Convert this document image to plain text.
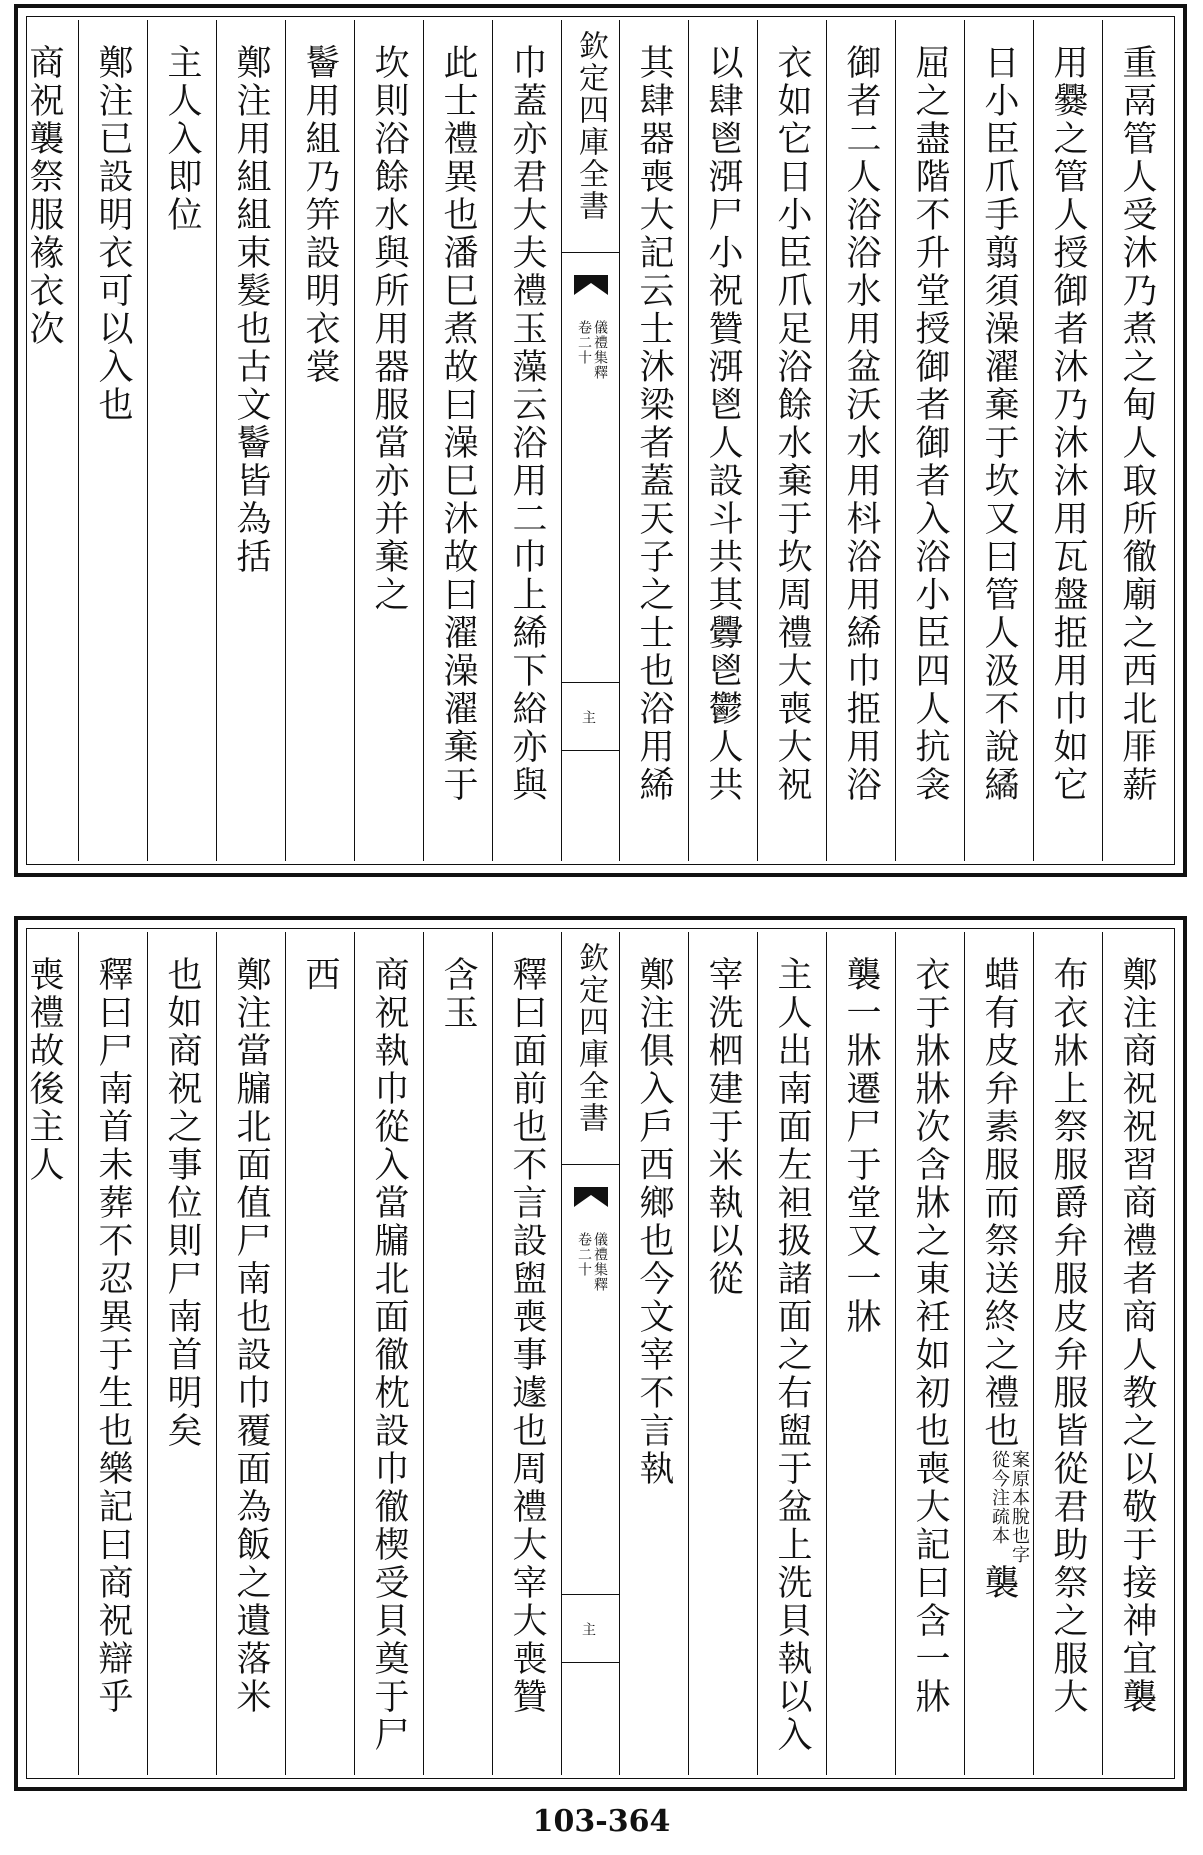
重鬲管人受沐乃煮之甸人取所徹廟之西北厞薪
用爨之管人授御者沐乃沐沐用瓦盤挋用巾如它
日小臣爪手翦須澡濯棄于坎又曰管人汲不說繘
屈之盡階不升堂授御者御者入浴小臣四人抗衾
御者二人浴浴水用盆沃水用枓浴用絺巾挋用浴
衣如它日小臣爪足浴餘水棄于坎周禮大喪大祝
以肆鬯渳尸小祝贊渳鬯人設斗共其釁鬯鬱人共
其肆器喪大記云士沐梁者蓋天子之士也浴用絺
欽定四庫全書
儀禮集釋
卷二十
主
巾蓋亦君大夫禮玉藻云浴用二巾上絺下綌亦與
此士禮異也潘巳煮故曰澡巳沐故曰濯澡濯棄于
坎則浴餘水與所用器服當亦并棄之
鬠用組乃笄設明衣裳
鄭注用組組束髮也古文鬠皆為括
主人入即位
鄭注已設明衣可以入也
商祝襲祭服褖衣次
鄭注商祝祝習商禮者商人教之以敬于接神宜襲
布衣牀上祭服爵弁服皮弁服皆從君助祭之服大
蜡有皮弁素服而祭送終之禮也
案原本脫也字
從今注疏本
襲
衣于牀牀次含牀之東衽如初也喪大記曰含一牀
襲一牀遷尸于堂又一牀
主人出南面左袒扱諸面之右盥于盆上洗貝執以入
宰洗柶建于米執以從
鄭注俱入戶西鄉也今文宰不言執
欽定四庫全書
儀禮集釋
卷二十
主
釋曰面前也不言設盥喪事遽也周禮大宰大喪贊
含玉
商祝執巾從入當牖北面徹枕設巾徹楔受貝奠于尸
西
鄭注當牖北面值尸南也設巾覆面為飯之遺落米
也如商祝之事位則尸南首明矣
釋曰尸南首未葬不忍異于生也樂記曰商祝辯乎
喪禮故後主人
103-364
